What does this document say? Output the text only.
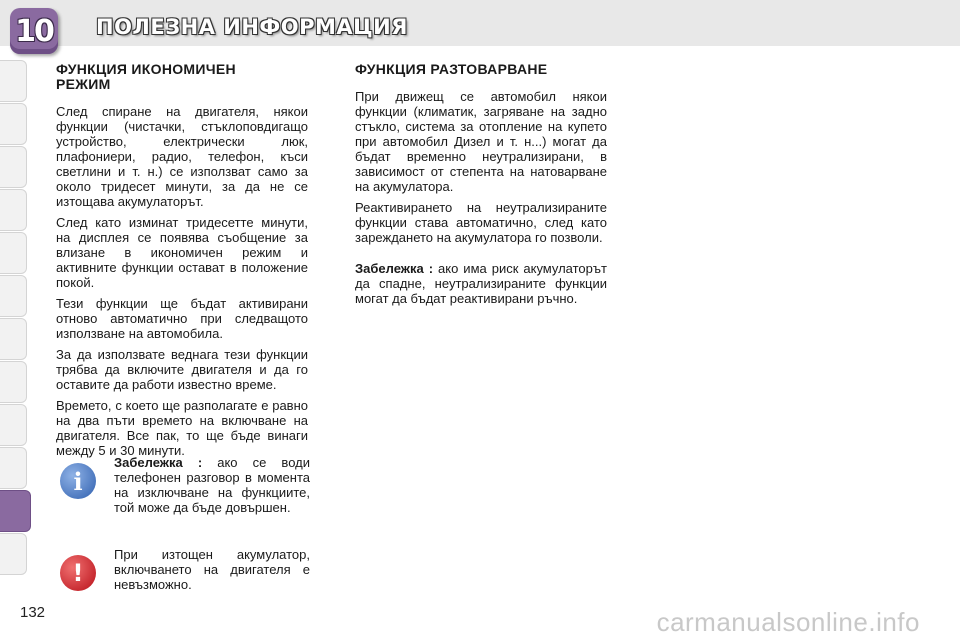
10 ПОЛЕЗНА ИНФОРМАЦИЯ
ФУНКЦИЯ ИКОНОМИЧЕН
РЕЖИМ

След спиране на двигателя, някои функции (чистачки, стъклоповдигащо устройство, електрически люк, плафониери, радио, телефон, къси светлини и т. н.) се използват само за около тридесет минути, за да не се изтощава акумулаторът.

След като изминат тридесетте минути, на дисплея се появява съобщение за влизане в икономичен режим и активните функции остават в положение покой.

Тези функции ще бъдат активирани отново автоматично при следващото използване на автомобила.

За да използвате веднага тези функции трябва да включите двигателя и да го оставите да работи известно време.

Времето, с което ще разполагате е равно на два пъти времето на включване на двигателя. Все пак, то ще бъде винаги между 5 и 30 минути.

i
Забележка : ако се води телефонен разговор в момента на изключване на функциите, той може да бъде довършен.
!
При изтощен акумулатор, включването на двигателя е невъзможно.
ФУНКЦИЯ РАЗТОВАРВАНЕ

При движещ се автомобил някои функции (климатик, загряване на задно стъкло, система за отопление на купето при автомобил Дизел и т. н...) могат да бъдат временно неутрализирани, в зависимост от степента на натоварване на акумулатора.

Реактивирането на неутрализираните функции става автоматично, след като зареждането на акумулатора го позволи.

Забележка : ако има риск акумулаторът да спадне, неутрализираните функции могат да бъдат реактивирани ръчно.

132	carmanualsonline.info
